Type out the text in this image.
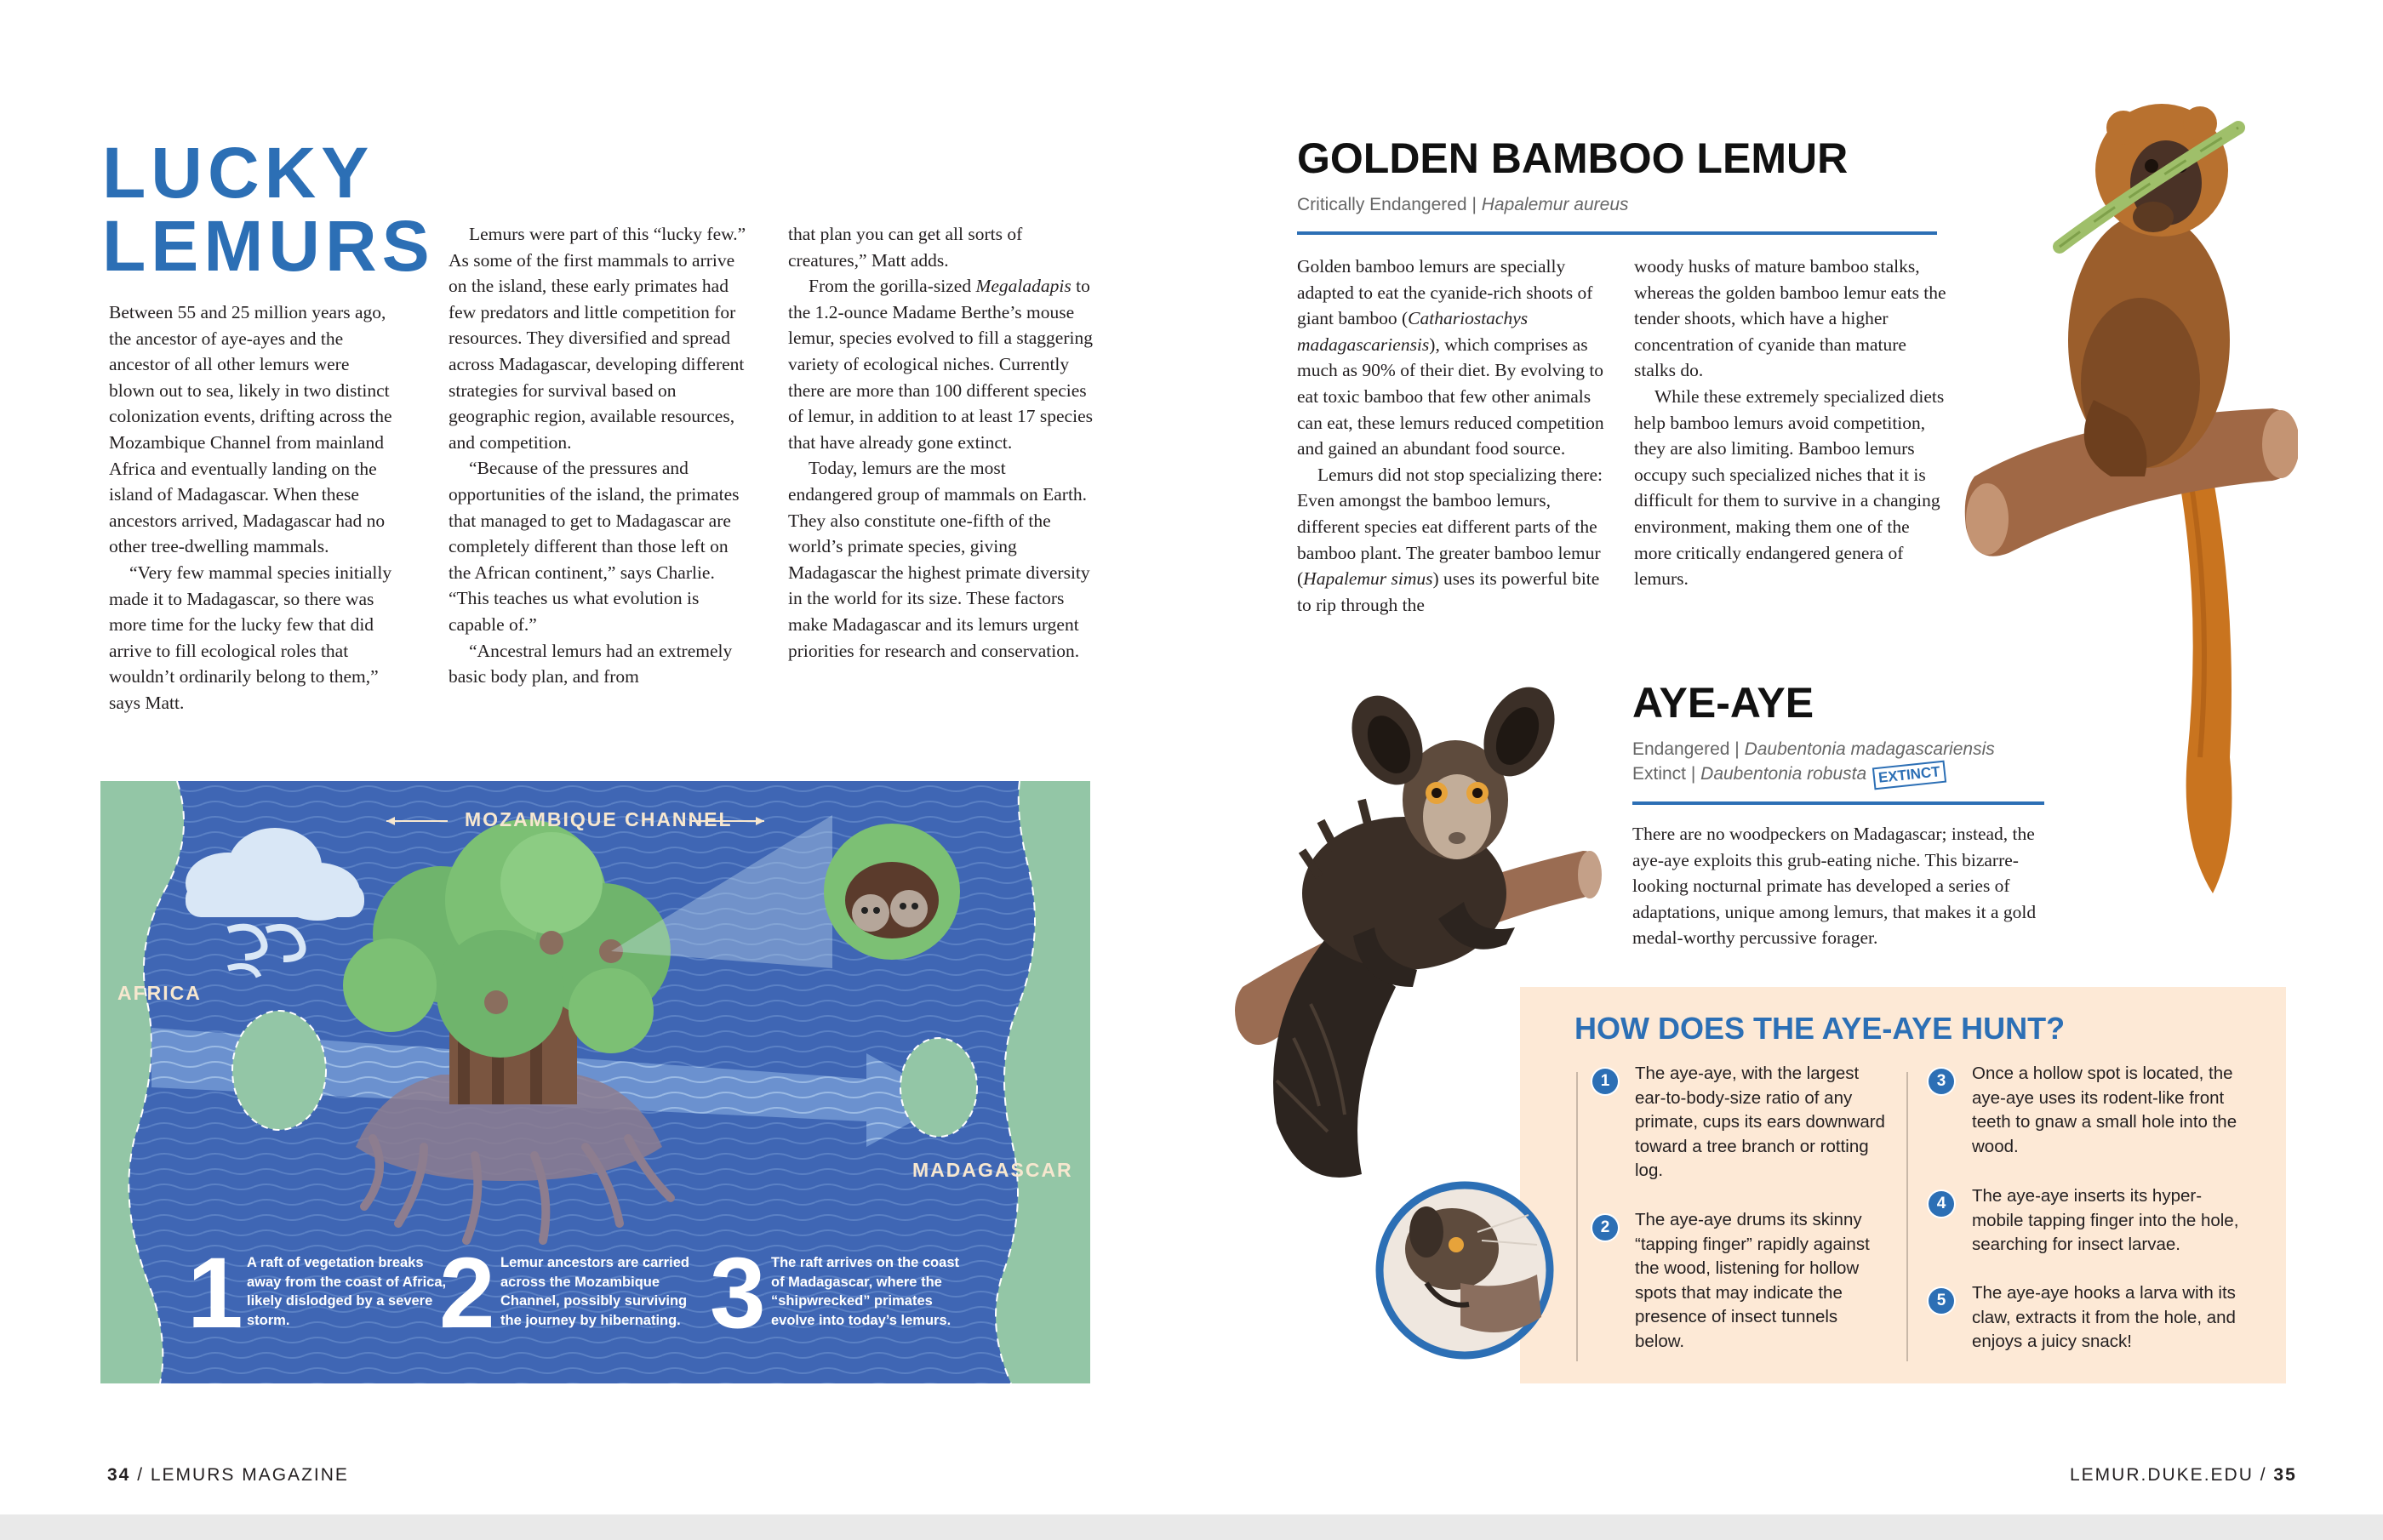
LUCKY
LEMURS

Between 55 and 25 million years ago, the ancestor of aye-ayes and the ancestor of all other lemurs were blown out to sea, likely in two distinct colonization events, drifting across the Mozambique Channel from mainland Africa and eventually landing on the island of Madagascar. When these ancestors arrived, Madagascar had no other tree-dwelling mammals.

“Very few mammal species initially made it to Madagascar, so there was more time for the lucky few that did arrive to fill ecological roles that wouldn’t ordinarily belong to them,” says Matt.

Lemurs were part of this “lucky few.” As some of the first mammals to arrive on the island, these early primates had few predators and little competition for resources. They diversified and spread across Madagascar, developing different strategies for survival based on geographic region, available resources, and competition.

“Because of the pressures and opportunities of the island, the primates that managed to get to Madagascar are completely different than those left on the African continent,” says Charlie. “This teaches us what evolution is capable of.”

“Ancestral lemurs had an extremely basic body plan, and from

that plan you can get all sorts of creatures,” Matt adds.

From the gorilla-sized Megaladapis to the 1.2-ounce Madame Berthe’s mouse lemur, species evolved to fill a staggering variety of ecological niches. Currently there are more than 100 different species of lemur, in addition to at least 17 species that have already gone extinct.

Today, lemurs are the most endangered group of mammals on Earth. They also constitute one-fifth of the world’s primate species, giving Madagascar the highest primate diversity in the world for its size. These factors make Madagascar and its lemurs urgent priorities for research and conservation.

MOZAMBIQUE CHANNEL
AFRICA
MADAGASCAR
1 A raft of vegetation breaks away from the coast of Africa, likely dislodged by a severe storm.	2 Lemur ancestors are carried across the Mozambique Channel, possibly surviving the journey by hibernating. 3 The raft arrives on the coast of Madagascar, where the “shipwrecked” primates evolve into today’s lemurs.
34 / LEMURS MAGAZINE
GOLDEN BAMBOO LEMUR
Critically Endangered | Hapalemur aureus

Golden bamboo lemurs are specially adapted to eat the cyanide-rich shoots of giant bamboo (Cathariostachys madagascariensis), which comprises as much as 90% of their diet. By evolving to eat toxic bamboo that few other animals can eat, these lemurs reduced competition and gained an abundant food source.

Lemurs did not stop specializing there: Even amongst the bamboo lemurs, different species eat different parts of the bamboo plant. The greater bamboo lemur (Hapalemur simus) uses its powerful bite to rip through the

woody husks of mature bamboo stalks, whereas the golden bamboo lemur eats the tender shoots, which have a higher concentration of cyanide than mature stalks do.

While these extremely specialized diets help bamboo lemurs avoid competition, they are also limiting. Bamboo lemurs occupy such specialized niches that it is difficult for them to survive in a changing environment, making them one of the more critically endangered genera of lemurs.

AYE-AYE
Endangered | Daubentonia madagascariensis
Extinct | Daubentonia robusta EXTINCT

There are no woodpeckers on Madagascar; instead, the aye-aye exploits this grub-eating niche. This bizarre-looking nocturnal primate has developed a series of adaptations, unique among lemurs, that makes it a gold medal-worthy percussive forager.

HOW DOES THE AYE-AYE HUNT?
1	The aye-aye, with the largest ear-to-body-size ratio of any primate, cups its ears downward toward a tree branch or rotting log.
2	The aye-aye drums its skinny “tapping finger” rapidly against the wood, listening for hollow spots that may indicate the presence of insect tunnels below.
3	Once a hollow spot is located, the aye-aye uses its rodent-like front teeth to gnaw a small hole into the wood.
4	The aye-aye inserts its hyper-mobile tapping finger into the hole, searching for insect larvae.
5	The aye-aye hooks a larva with its claw, extracts it from the hole, and enjoys a juicy snack!
LEMUR.DUKE.EDU / 35
